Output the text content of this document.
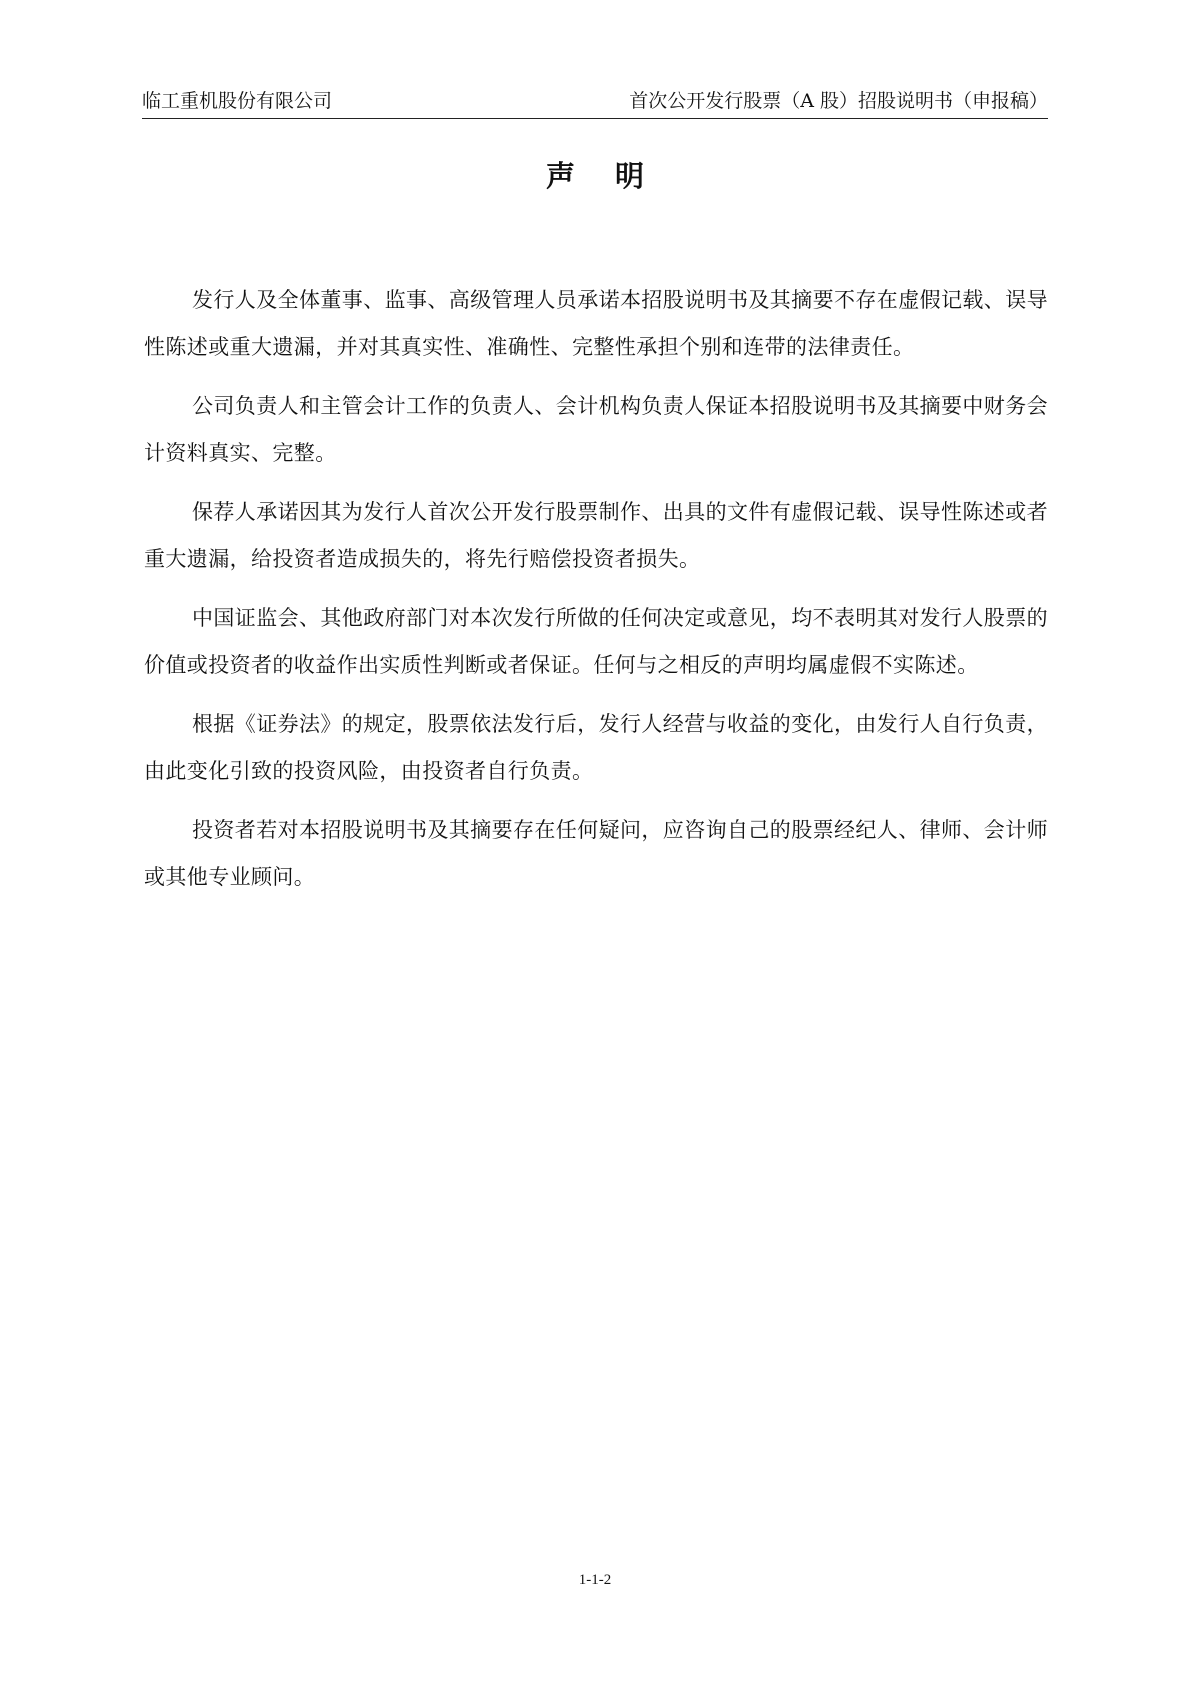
临工重机股份有限公司	首次公开发行股票（A 股）招股说明书（申报稿）
声 明

发行人及全体董事、监事、高级管理人员承诺本招股说明书及其摘要不存在虚假记载、误导性陈述或重大遗漏，并对其真实性、准确性、完整性承担个别和连带的法律责任。

公司负责人和主管会计工作的负责人、会计机构负责人保证本招股说明书及其摘要中财务会计资料真实、完整。

保荐人承诺因其为发行人首次公开发行股票制作、出具的文件有虚假记载、误导性陈述或者重大遗漏，给投资者造成损失的，将先行赔偿投资者损失。

中国证监会、其他政府部门对本次发行所做的任何决定或意见，均不表明其对发行人股票的价值或投资者的收益作出实质性判断或者保证。任何与之相反的声明均属虚假不实陈述。

根据《证券法》的规定，股票依法发行后，发行人经营与收益的变化，由发行人自行负责，由此变化引致的投资风险，由投资者自行负责。

投资者若对本招股说明书及其摘要存在任何疑问，应咨询自己的股票经纪人、律师、会计师或其他专业顾问。

1-1-2
